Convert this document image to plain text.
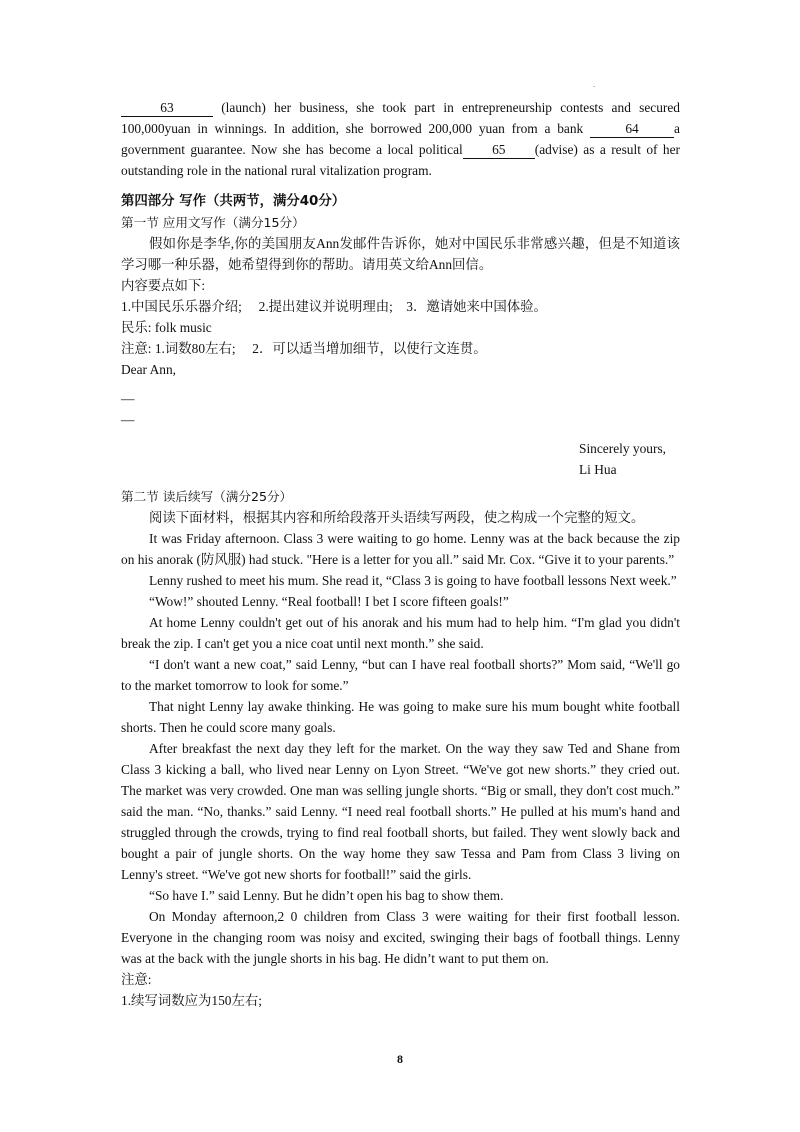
.

63	(launch) her business, she took part in entrepreneurship contests and secured 100,000yuan in winnings. In addition, she borrowed 200,000 yuan from a bank	64	a government guarantee. Now she has become a local political 65 (advise) as a result of her outstanding role in the national rural vitalization program.

第四部分 写作（共两节，满分40分）

第一节 应用文写作（满分15分）

假如你是李华,你的美国朋友Ann发邮件告诉你，她对中国民乐非常感兴趣，但是不知道该学习哪一种乐器，她希望得到你的帮助。请用英文给Ann回信。

内容要点如下:

1.中国民乐乐器介绍;　 2.提出建议并说明理由;　3．邀请她来中国体验。

民乐: folk music

注意: 1.词数80左右;　 2．可以适当增加细节，以使行文连贯。

Dear Ann,

—

—

Sincerely yours,

Li Hua

第二节 读后续写（满分25分）

阅读下面材料，根据其内容和所给段落开头语续写两段，使之构成一个完整的短文。

It was Friday afternoon. Class 3 were waiting to go home. Lenny was at the back because the zip on his anorak (防风服) had stuck. "Here is a letter for you all.” said Mr. Cox. “Give it to your parents.”

Lenny rushed to meet his mum. She read it, “Class 3 is going to have football lessons Next week.”

“Wow!” shouted Lenny. “Real football! I bet I score fifteen goals!”

At home Lenny couldn't get out of his anorak and his mum had to help him. “I'm glad you didn't break the zip. I can't get you a nice coat until next month.” she said.

“I don't want a new coat,” said Lenny, “but can I have real football shorts?” Mom said, “We'll go to the market tomorrow to look for some.”

That night Lenny lay awake thinking. He was going to make sure his mum bought white football shorts. Then he could score many goals.

After breakfast the next day they left for the market. On the way they saw Ted and Shane from Class 3 kicking a ball, who lived near Lenny on Lyon Street. “We've got new shorts.” they cried out. The market was very crowded. One man was selling jungle shorts. “Big or small, they don't cost much.” said the man. “No, thanks.” said Lenny. “I need real football shorts.” He pulled at his mum's hand and struggled through the crowds, trying to find real football shorts, but failed. They went slowly back and bought a pair of jungle shorts. On the way home they saw Tessa and Pam from Class 3 living on Lenny's street. “We've got new shorts for football!” said the girls.

“So have I.” said Lenny. But he didn’t open his bag to show them.

On Monday afternoon,2 0 children from Class 3 were waiting for their first football lesson. Everyone in the changing room was noisy and excited, swinging their bags of football things. Lenny was at the back with the jungle shorts in his bag. He didn’t want to put them on.

注意:

1.续写词数应为150左右;

8
